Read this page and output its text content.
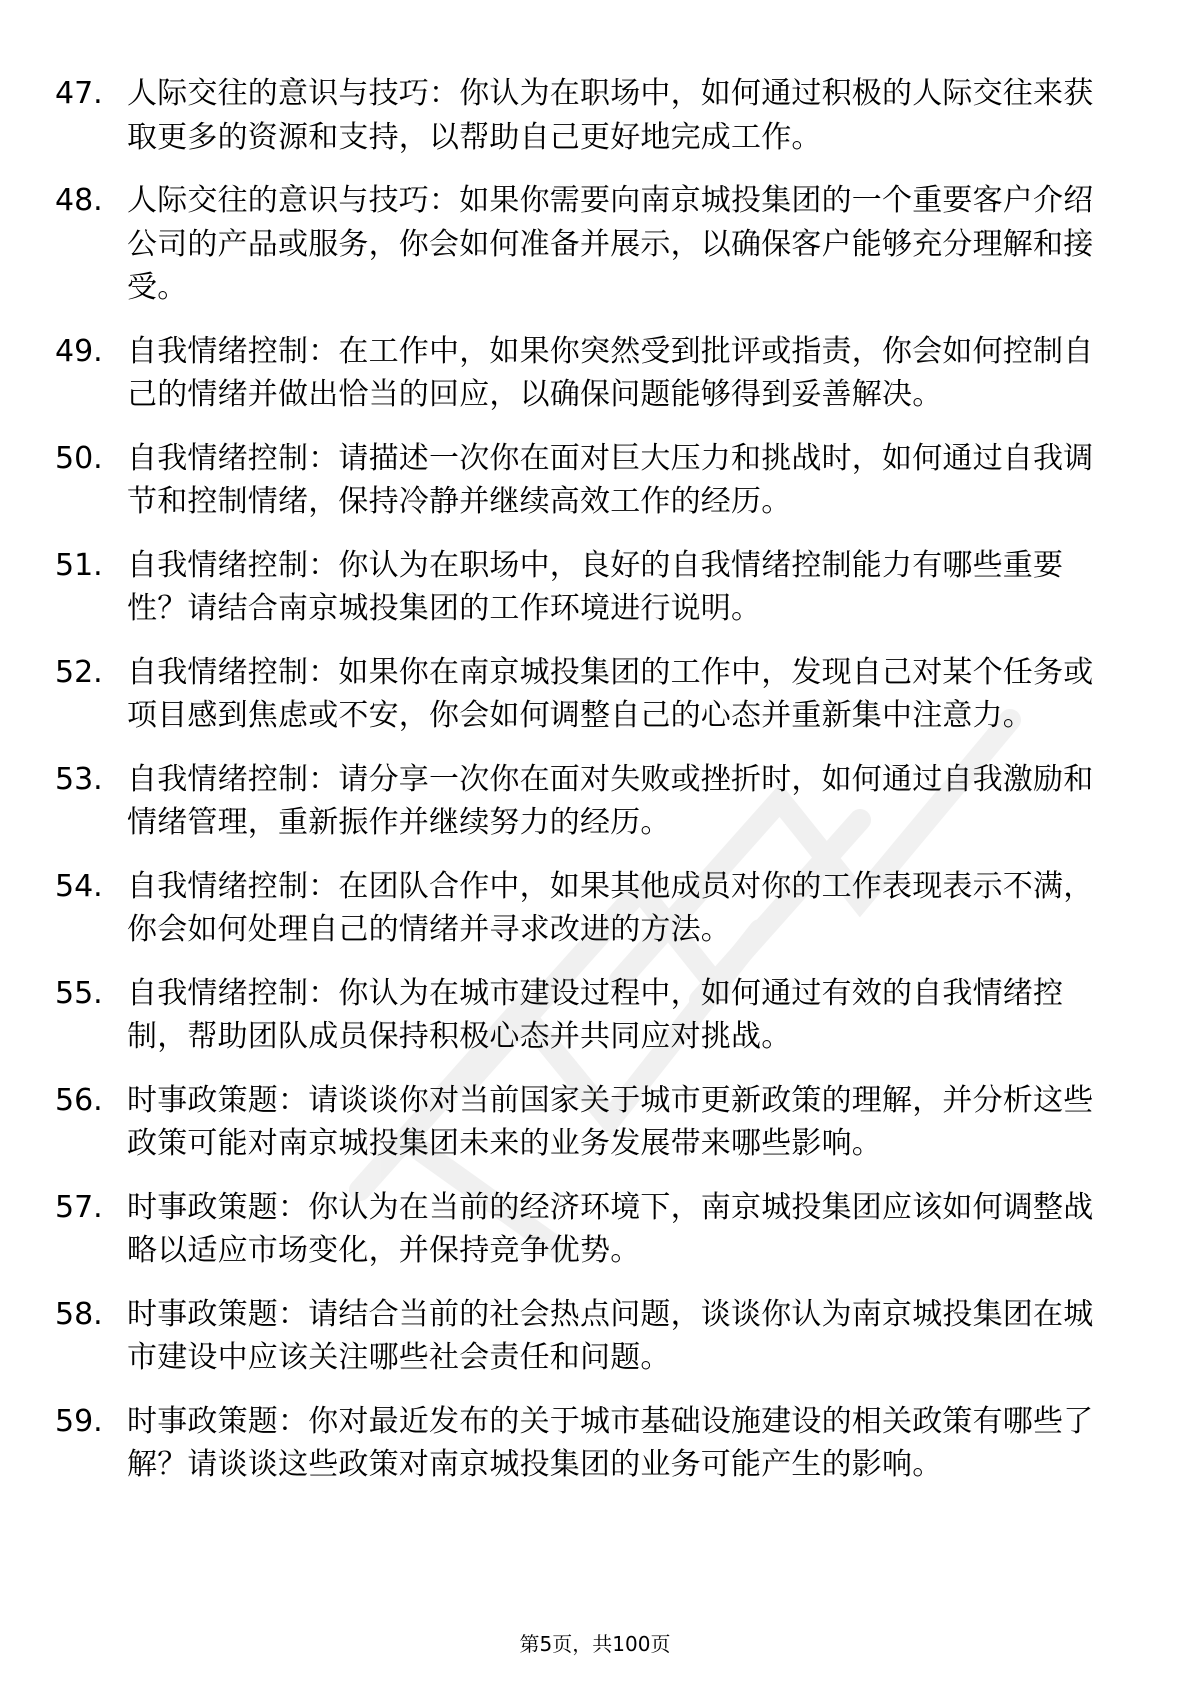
47. 人际交往的意识与技巧：你认为在职场中，如何通过积极的人际交往来获取更多的资源和支持，以帮助自己更好地完成工作。
48. 人际交往的意识与技巧：如果你需要向南京城投集团的一个重要客户介绍公司的产品或服务，你会如何准备并展示，以确保客户能够充分理解和接受。
49. 自我情绪控制：在工作中，如果你突然受到批评或指责，你会如何控制自己的情绪并做出恰当的回应，以确保问题能够得到妥善解决。
50. 自我情绪控制：请描述一次你在面对巨大压力和挑战时，如何通过自我调节和控制情绪，保持冷静并继续高效工作的经历。
51. 自我情绪控制：你认为在职场中，良好的自我情绪控制能力有哪些重要性？请结合南京城投集团的工作环境进行说明。
52. 自我情绪控制：如果你在南京城投集团的工作中，发现自己对某个任务或项目感到焦虑或不安，你会如何调整自己的心态并重新集中注意力。
53. 自我情绪控制：请分享一次你在面对失败或挫折时，如何通过自我激励和情绪管理，重新振作并继续努力的经历。
54. 自我情绪控制：在团队合作中，如果其他成员对你的工作表现表示不满，你会如何处理自己的情绪并寻求改进的方法。
55. 自我情绪控制：你认为在城市建设过程中，如何通过有效的自我情绪控制，帮助团队成员保持积极心态并共同应对挑战。
56. 时事政策题：请谈谈你对当前国家关于城市更新政策的理解，并分析这些政策可能对南京城投集团未来的业务发展带来哪些影响。
57. 时事政策题：你认为在当前的经济环境下，南京城投集团应该如何调整战略以适应市场变化，并保持竞争优势。
58. 时事政策题：请结合当前的社会热点问题，谈谈你认为南京城投集团在城市建设中应该关注哪些社会责任和问题。
59. 时事政策题：你对最近发布的关于城市基础设施建设的相关政策有哪些了解？请谈谈这些政策对南京城投集团的业务可能产生的影响。
第5页，共100页
